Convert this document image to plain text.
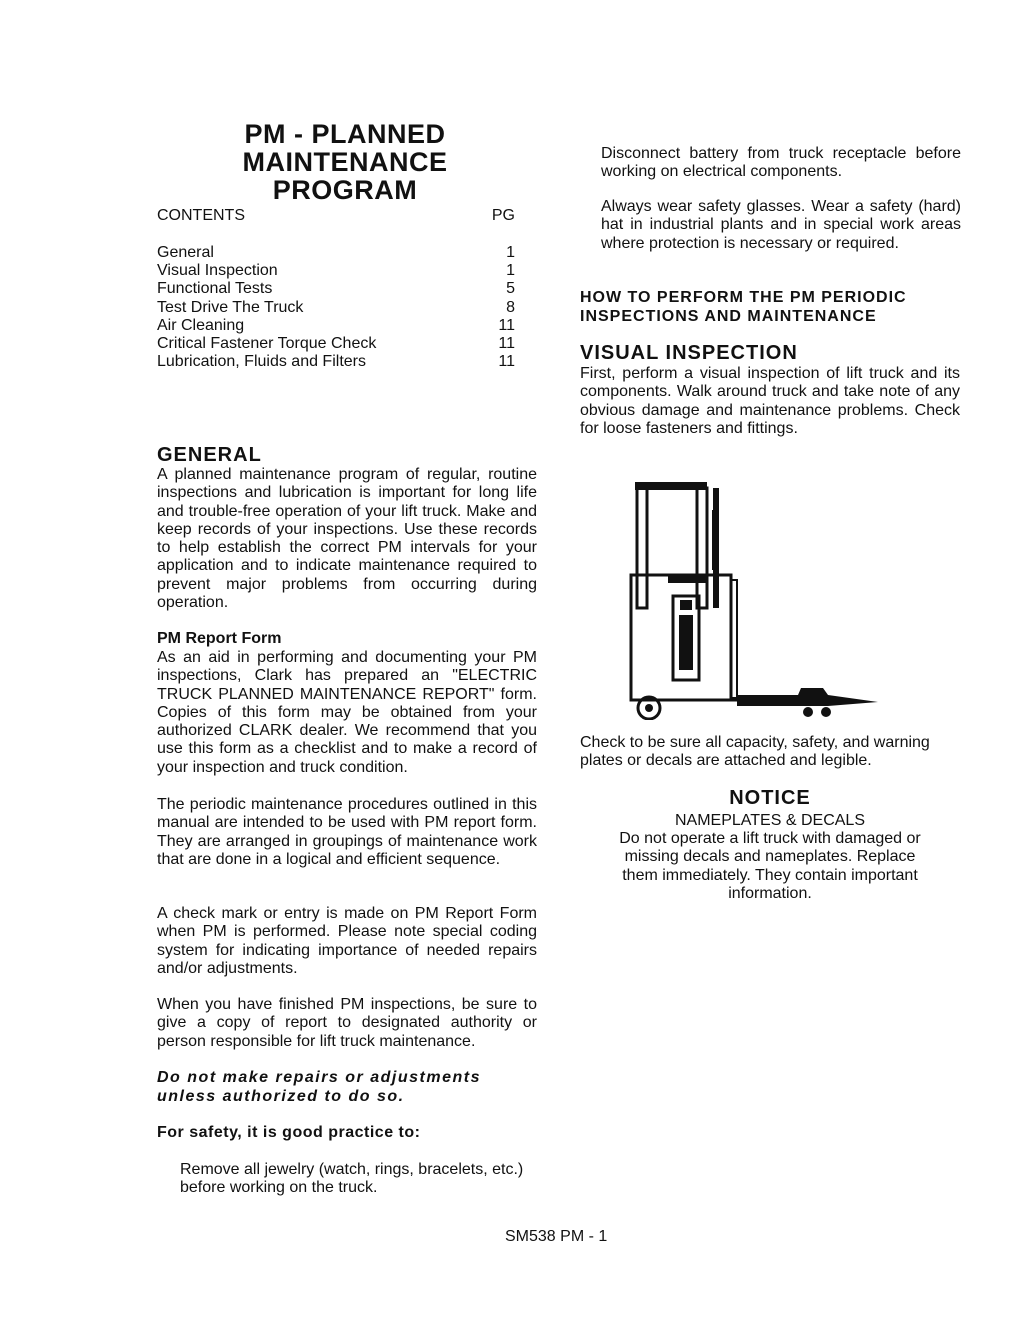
PM - PLANNED MAINTENANCE
PROGRAM
CONTENTS	PG
General	1
Visual Inspection	1
Functional Tests	5
Test Drive The Truck	8
Air Cleaning	11
Critical Fastener Torque Check	11
Lubrication, Fluids and Filters	11
GENERAL
A planned maintenance program of regular, routine inspections and lubrication is important for long life and trouble-free operation of your lift truck. Make and keep records of your inspections. Use these records to help establish the correct PM intervals for your application and to indicate maintenance required to prevent major problems from occurring during operation.
PM Report Form
As an aid in performing and documenting your PM inspections, Clark has prepared an "ELECTRIC TRUCK PLANNED MAINTENANCE REPORT" form. Copies of this form may be obtained from your authorized CLARK dealer. We recommend that you use this form as a checklist and to make a record of your inspection and truck condition.
The periodic maintenance procedures outlined in this manual are intended to be used with PM report form. They are arranged in groupings of maintenance work that are done in a logical and efficient sequence.
A check mark or entry is made on PM Report Form when PM is performed. Please note special coding system for indicating importance of needed repairs and/or adjustments.
When you have finished PM inspections, be sure to give a copy of report to designated authority or person responsible for lift truck maintenance.
Do not make repairs or adjustments unless authorized to do so.
For safety, it is good practice to:
Remove all jewelry (watch, rings, bracelets, etc.) before working on the truck.
Disconnect battery from truck receptacle before working on electrical components.
Always wear safety glasses. Wear a safety (hard) hat in industrial plants and in special work areas where protection is necessary or required.
HOW TO PERFORM THE PM PERIODIC INSPECTIONS AND MAINTENANCE
VISUAL INSPECTION
First, perform a visual inspection of lift truck and its components. Walk around truck and take note of any obvious damage and maintenance problems. Check for loose fasteners and fittings.
Check to be sure all capacity, safety, and warning plates or decals are attached and legible.
NOTICE
NAMEPLATES & DECALS
Do not operate a lift truck with damaged or missing decals and nameplates. Replace them immediately. They contain important information.
SM538 PM - 1
